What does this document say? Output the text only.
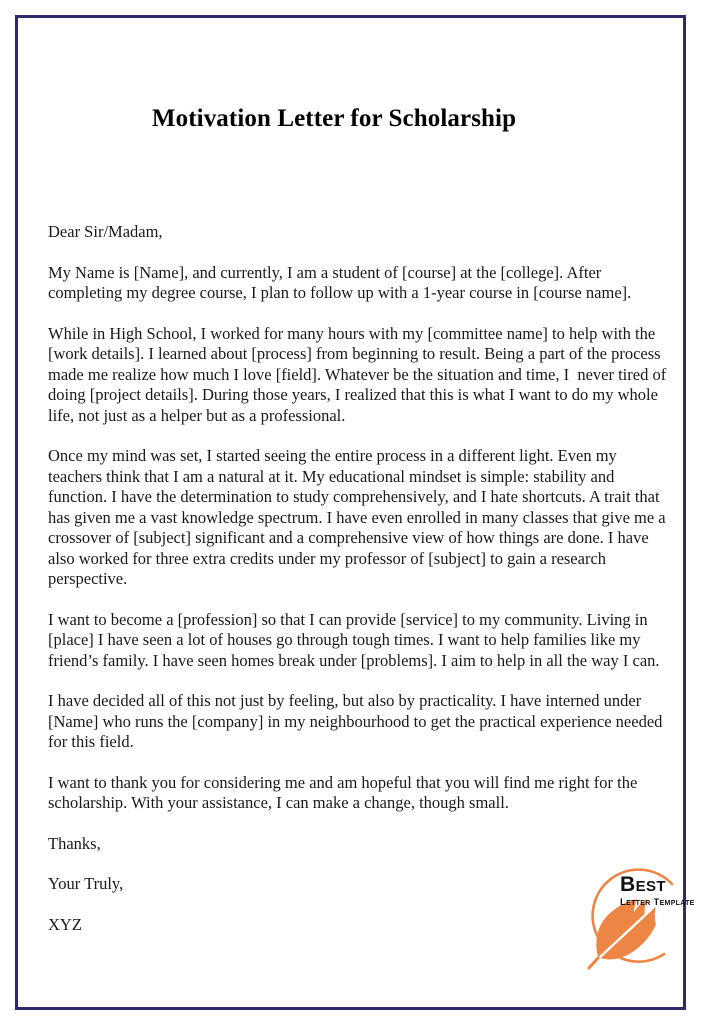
Motivation Letter for Scholarship

Dear Sir/Madam,

My Name is [Name], and currently, I am a student of [course] at the [college]. After completing my degree course, I plan to follow up with a 1-year course in [course name].

While in High School, I worked for many hours with my [committee name] to help with the [work details]. I learned about [process] from beginning to result. Being a part of the process made me realize how much I love [field]. Whatever be the situation and time, I  never tired of doing [project details]. During those years, I realized that this is what I want to do my whole life, not just as a helper but as a professional.

Once my mind was set, I started seeing the entire process in a different light. Even my teachers think that I am a natural at it. My educational mindset is simple: stability and function. I have the determination to study comprehensively, and I hate shortcuts. A trait that has given me a vast knowledge spectrum. I have even enrolled in many classes that give me a crossover of [subject] significant and a comprehensive view of how things are done. I have also worked for three extra credits under my professor of [subject] to gain a research perspective.

I want to become a [profession] so that I can provide [service] to my community. Living in [place] I have seen a lot of houses go through tough times. I want to help families like my friend’s family. I have seen homes break under [problems]. I aim to help in all the way I can.

I have decided all of this not just by feeling, but also by practicality. I have interned under [Name] who runs the [company] in my neighbourhood to get the practical experience needed for this field.

I want to thank you for considering me and am hopeful that you will find me right for the scholarship. With your assistance, I can make a change, though small.

Thanks,

Your Truly,

XYZ

Best
Letter Template
